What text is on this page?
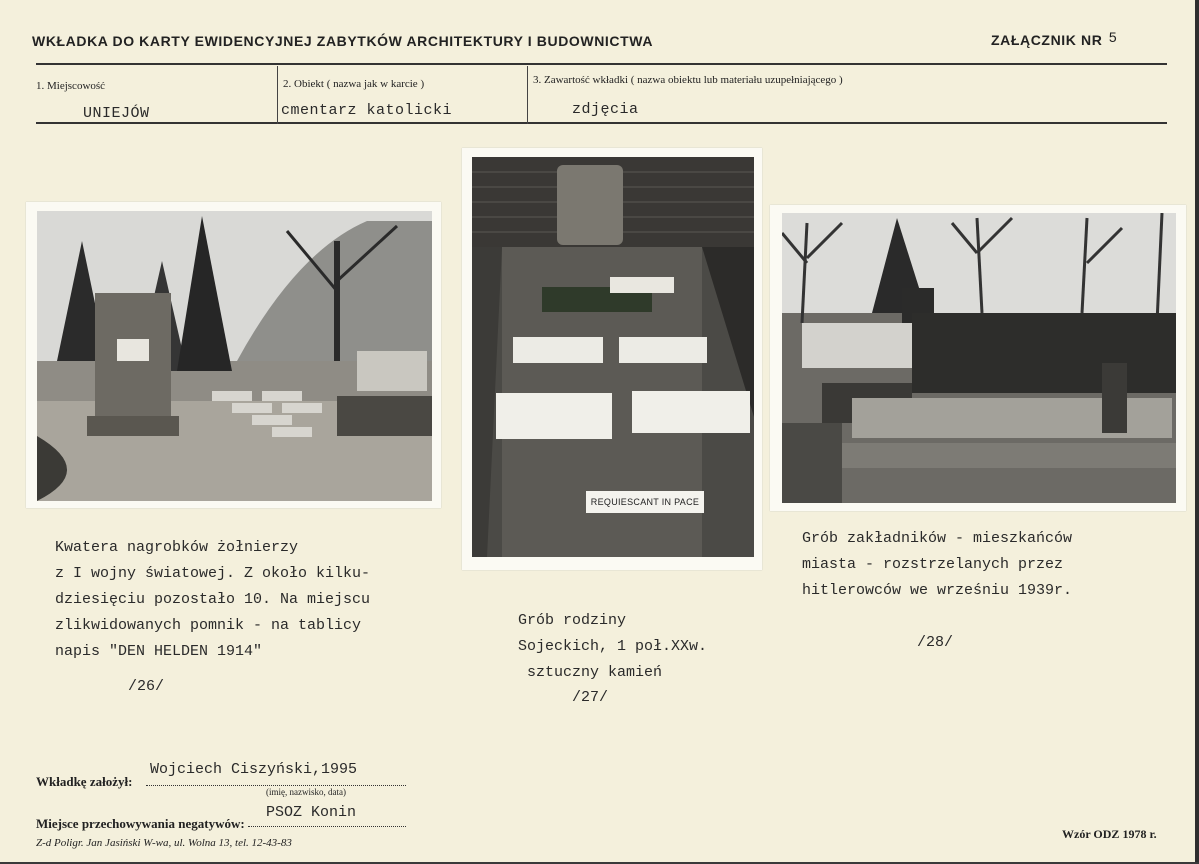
WKŁADKA DO KARTY EWIDENCYJNEJ ZABYTKÓW ARCHITEKTURY I BUDOWNICTWA	ZAŁĄCZNIK NR 5
1. Miejscowość
UNIEJÓW
2. Obiekt ( nazwa jak w karcie )
cmentarz katolicki
3. Zawartość wkładki ( nazwa obiektu lub materiału uzupełniającego )
zdjęcia
REQUIESCANT IN PACE

Kwatera nagrobków żołnierzy

z I wojny światowej. Z około kilku-

dziesięciu pozostało 10. Na miejscu

zlikwidowanych pomnik - na tablicy

napis "DEN HELDEN 1914"

/26/

Grób rodziny

Sojeckich, 1 poł.XXw.

sztuczny kamień

/27/

Grób zakładników - mieszkańców

miasta - rozstrzelanych przez

hitlerowców we wrześniu 1939r.

/28/
Wkładkę założył:
Wojciech Ciszyński,1995
(imię, nazwisko, data)
Miejsce przechowywania negatywów:
PSOZ Konin
Z-d Poligr. Jan Jasiński W-wa, ul. Wolna 13, tel. 12-43-83
Wzór ODZ 1978 r.
